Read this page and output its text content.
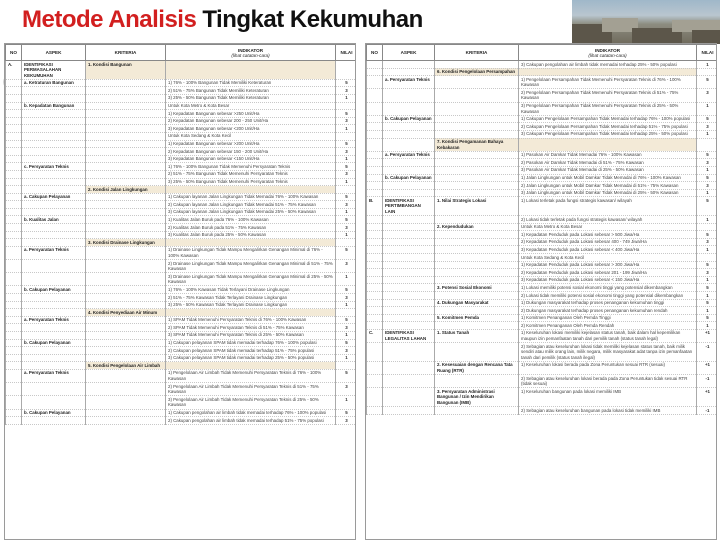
Metode Analisis Tingkat Kekumuhan
NO	ASPEK	KRITERIA	INDIKATOR
(lihat catatan-cara)	NILAI
A.	IDENTIFIKASI PERMASALAHAN KEKUMUHAN	1. Kondisi Bangunan		
	a. Ketraturan Bangunan		1) 76% - 100% Bangunan Tidak Memiliki Keteraturan	5
			2) 51% - 75% Bangunan Tidak Memiliki Keteraturan	3
			3) 25% - 50% Bangunan Tidak Memiliki Keteraturan	1
	b. Kepadatan Bangunan		Untuk Kota Metro & Kota Besar	
			1) Kepadatan Bangunan sebesar >250 Unit/Ha	5
			2) Kepadatan Bangunan sebesar 200 - 250 Unit/Ha	3
			3) Kepadatan Bangunan sebesar <200 Unit/Ha	1
			Untuk Kota Sedang & Kota Kecil	
			1) Kepadatan Bangunan sebesar >200 Unit/Ha	5
			2) Kepadatan Bangunan sebesar 150 - 200 Unit/Ha	3
			3) Kepadatan Bangunan sebesar <150 Unit/Ha	1
	c. Persyaratan Teknis		1) 76% - 100% Bangunan Tidak Memenuhi Persyaratan Teknis	5
			2) 51% - 75% Bangunan Tidak Memenuhi Persyaratan Teknis	3
			3) 25% - 50% Bangunan Tidak Memenuhi Persyaratan Teknis	1
		2. Kondisi Jalan Lingkungan		
	a. Cakupan Pelayanan		1) Cakupan layanan Jalan Lingkungan Tidak Memadai 76% - 100% Kawasan	5
			2) Cakupan layanan Jalan Lingkungan Tidak Memadai 51% - 75% Kawasan	3
			3) Cakupan layanan Jalan Lingkungan Tidak Memadai 25% - 50% Kawasan	1
	b. Kualitas Jalan		1) Kualitas Jalan Buruk pada 76% - 100% Kawasan	5
			2) Kualitas Jalan Buruk pada 51% - 75% Kawasan	3
			3) Kualitas Jalan Buruk pada 25% - 50% Kawasan	1
		3. Kondisi Drainase Lingkungan		
	a. Persyaratan Teknis		1) Drainase Lingkungan Tidak Mampu Mengalirkan Genangan Minimal di 76% - 100% Kawasan	5
			2) Drainase Lingkungan Tidak Mampu Mengalirkan Genangan Minimal di 51% - 75% Kawasan	3
			3) Drainase Lingkungan Tidak Mampu Mengalirkan Genangan Minimal di 25% - 50% Kawasan	1
	b. Cakupan Pelayanan		1) 76% - 100% Kawasan Tidak Terlayani Drainase Lingkungan	5
			2) 51% - 75% Kawasan Tidak Terlayani Drainase Lingkungan	3
			3) 25% - 50% Kawasan Tidak Terlayani Drainase Lingkungan	1
		4. Kondisi Penyediaan Air Minum		
	a. Persyaratan Teknis		1) SPAM Tidak Memenuhi Persyaratan Teknis di 76% - 100% Kawasan	5
			2) SPAM Tidak Memenuhi Persyaratan Teknis di 51% - 75% Kawasan	3
			3) SPAM Tidak Memenuhi Persyaratan Teknis di 25% - 50% Kawasan	1
	b. Cakupan Pelayanan		1) Cakupan pelayanan SPAM tidak memadai terhadap 76% - 100% populasi	5
			2) Cakupan pelayanan SPAM tidak memadai terhadap 51% - 75% populasi	3
			3) Cakupan pelayanan SPAM tidak memadai terhadap 25% - 50% populasi	1
		5. Kondisi Pengelolaan Air Limbah		
	a. Persyaratan Teknis		1) Pengelolaan Air Limbah Tidak Memenuhi Persyaratan Teknis di 76% - 100% Kawasan	5
			2) Pengelolaan Air Limbah Tidak Memenuhi Persyaratan Teknis di 51% - 75% Kawasan	3
			3) Pengelolaan Air Limbah Tidak Memenuhi Persyaratan Teknis di 25% - 50% Kawasan	1
	b. Cakupan Pelayanan		1) Cakupan pengolahan air limbah tidak memadai terhadap 76% - 100% populasi	5
			2) Cakupan pengolahan air limbah tidak memadai terhadap 51% - 75% populasi	3
NO	ASPEK	KRITERIA	INDIKATOR
(lihat catatan-cara)	NILAI
			3) Cakupan pengolahan air limbah tidak memadai terhadap 25% - 50% populasi	1
		6. Kondisi Pengelolaan Persampahan		
	a. Persyaratan Teknis		1) Pengelolaan Persampahan Tidak Memenuhi Persyaratan Teknis di 76% - 100% Kawasan	5
			2) Pengelolaan Persampahan Tidak Memenuhi Persyaratan Teknis di 51% - 75% Kawasan	3
			3) Pengelolaan Persampahan Tidak Memenuhi Persyaratan Teknis di 25% - 50% Kawasan	1
	b. Cakupan Pelayanan		1) Cakupan Pengelolaan Persampahan Tidak Memadai terhadap 76% - 100% populasi	5
			2) Cakupan Pengelolaan Persampahan Tidak Memadai terhadap 51% - 75% populasi	3
			3) Cakupan Pengelolaan Persampahan Tidak Memadai terhadap 25% - 50% populasi	1
		7. Kondisi Pengamanan Bahaya Kebakaran		
	a. Persyaratan Teknis		1) Pasokan Air Damkar Tidak Memadai 76% - 100% Kawasan	5
			2) Pasokan Air Damkar Tidak Memadai di 51% - 75% Kawasan	3
			3) Pasokan Air Damkar Tidak Memadai di 25% - 50% Kawasan	1
	b. Cakupan Pelayanan		1) Jalan Lingkungan untuk Mobil Damkar Tidak Memadai di 76% - 100% Kawasan	5
			2) Jalan Lingkungan untuk Mobil Damkar Tidak Memadai di 51% - 75% Kawasan	3
			3) Jalan Lingkungan untuk Mobil Damkar Tidak Memadai di 25% - 50% Kawasan	1
B.	IDENTIFIKASI PERTIMBANGAN LAIN	1. Nilai Strategis Lokasi	1) Lokasi terletak pada fungsi strategis kawasan/ wilayah	5
			2) Lokasi tidak terletak pada fungsi strategis kawasan/ wilayah	1
		2. Kependudukan	Untuk Kota Metro & Kota Besar	
			1) Kepadatan Penduduk pada Lokasi sebesar > 500 Jiwa/Ha	5
			2) Kepadatan Penduduk pada Lokasi sebesar 400 - 749 Jiwa/Ha	3
			3) Kepadatan Penduduk pada Lokasi sebesar < 400 Jiwa/Ha	1
			Untuk Kota Sedang & Kota Kecil	
			1) Kepadatan Penduduk pada Lokasi sebesar > 300 Jiwa/Ha	5
			2) Kepadatan Penduduk pada Lokasi sebesar 201 - 199 Jiwa/Ha	3
			3) Kepadatan Penduduk pada Lokasi sebesar < 150 Jiwa/Ha	1
		3. Potensi Sosial Ekonomi	1) Lokasi memiliki potensi sosial ekonomi tinggi yang potensial dikembangkan	5
			2) Lokasi tidak memiliki potensi sosial ekonomi tinggi yang potensial dikembangkan	1
		4. Dukungan Masyarakat	1) Dukungan masyarakat terhadap proses penanganan kekumuhan tinggi	5
			2) Dukungan masyarakat terhadap proses penanganan kekumuhan rendah	1
		5. Komitmen Pemda	1) Komitmen Penanganan Oleh Pemda Tinggi	5
			2) Komitmen Penanganan Oleh Pemda Rendah	1
C.	IDENTIFIKASI LEGALITAS LAHAN	1. Status Tanah	1) Keseluruhan lokasi memiliki kejelasan status tanah, baik dalam hal kepemilikan maupun izin pemanfaatan tanah dari pemilik tanah (status tanah legal)	+1
			2) Sebagian atau keseluruhan lokasi tidak memiliki kejelasan status tanah, baik milik sendiri atau milik orang lain, milik negara, milik masyarakat adat tanpa izin pemanfaatan tanah dari pemilik (status tanah ilegal)	-1
		2. Kesesuaian dengan Rencana Tata Ruang (RTR)	1) Keseluruhan lokasi berada pada Zona Peruntukan sesuai RTR (sesuai)	+1
			2) Sebagian atau keseluruhan lokasi berada pada Zona Peruntukan tidak sesuai RTR (tidak sesuai)	-1
		3. Persyaratan Administrasi Bangunan / Izin Mendirikan Bangunan (IMB)	1) Keseluruhan bangunan pada lokasi memiliki IMB	+1
			2) Sebagian atau keseluruhan bangunan pada lokasi tidak memiliki IMB	-1
